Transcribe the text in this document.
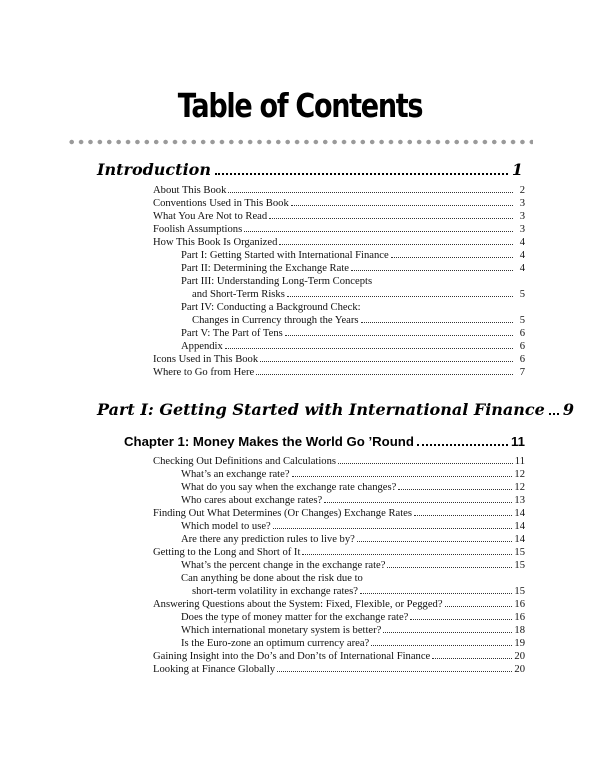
Table of Contents
Introduction	1
About This Book	2
Conventions Used in This Book	3
What You Are Not to Read	3
Foolish Assumptions	3
How This Book Is Organized	4
Part I: Getting Started with International Finance	4
Part II: Determining the Exchange Rate	4
Part III: Understanding Long-Term Concepts
and Short-Term Risks	5
Part IV: Conducting a Background Check:
Changes in Currency through the Years	5
Part V: The Part of Tens	6
Appendix	6
Icons Used in This Book	6
Where to Go from Here	7
Part I: Getting Started with International Finance 9
Chapter 1: Money Makes the World Go ’Round	11
Checking Out Definitions and Calculations	11
What’s an exchange rate?	12
What do you say when the exchange rate changes?	12
Who cares about exchange rates?	13
Finding Out What Determines (Or Changes) Exchange Rates	14
Which model to use?	14
Are there any prediction rules to live by?	14
Getting to the Long and Short of It	15
What’s the percent change in the exchange rate?	15
Can anything be done about the risk due to
short-term volatility in exchange rates?	15
Answering Questions about the System: Fixed, Flexible, or Pegged?	16
Does the type of money matter for the exchange rate?	16
Which international monetary system is better?	18
Is the Euro-zone an optimum currency area?	19
Gaining Insight into the Do’s and Don’ts of International Finance	20
Looking at Finance Globally	20
